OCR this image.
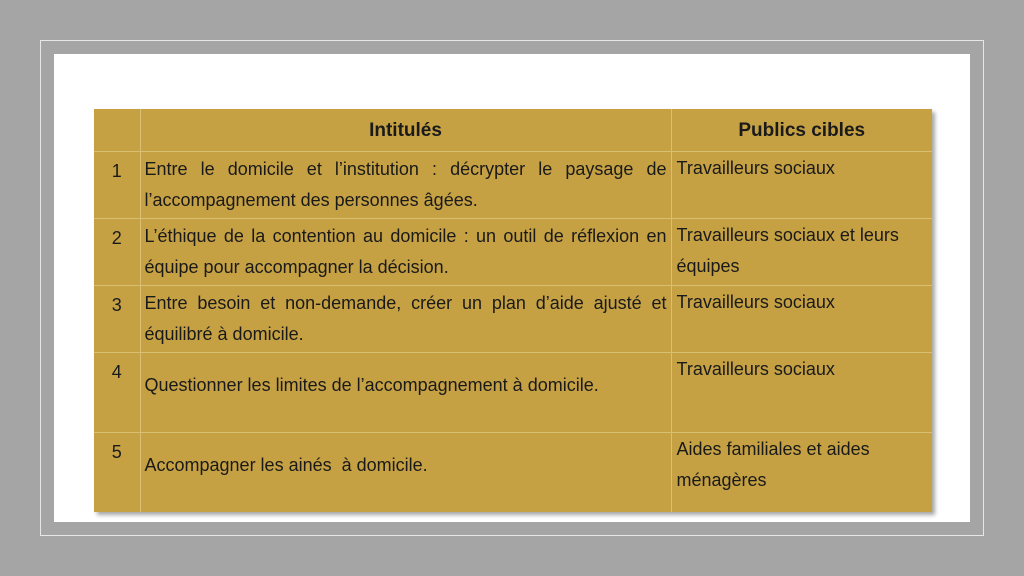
	Intitulés	Publics cibles
1	Entre le domicile et l’institution : décrypter le paysage de l’accompagnement des personnes âgées.	Travailleurs sociaux
2	L’éthique de la contention au domicile : un outil de réflexion en équipe pour accompagner la décision.	Travailleurs sociaux et leurs équipes
3	Entre besoin et non-demande, créer un plan d’aide ajusté et équilibré à domicile.	Travailleurs sociaux
4	Questionner les limites de l’accompagnement à domicile.	Travailleurs sociaux
5	Accompagner les ainés  à domicile.	Aides familiales et aides ménagères
